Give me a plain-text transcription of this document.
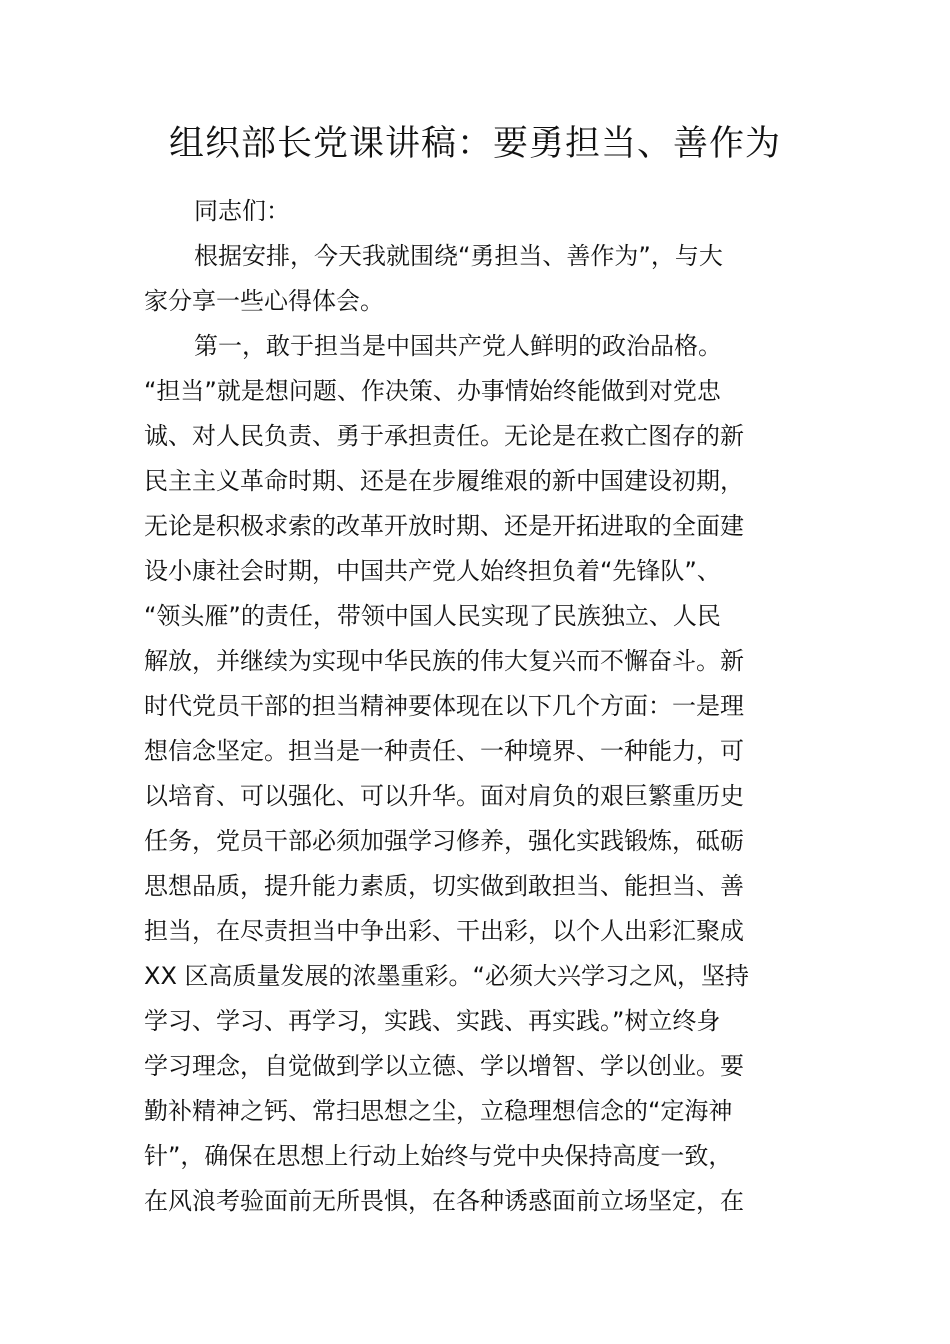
组织部长党课讲稿：要勇担当、善作为
同志们：
根据安排，今天我就围绕“勇担当、善作为”，与大
家分享一些心得体会。
第一，敢于担当是中国共产党人鲜明的政治品格。
“担当”就是想问题、作决策、办事情始终能做到对党忠
诚、对人民负责、勇于承担责任。无论是在救亡图存的新
民主主义革命时期、还是在步履维艰的新中国建设初期，
无论是积极求索的改革开放时期、还是开拓进取的全面建
设小康社会时期，中国共产党人始终担负着“先锋队”、
“领头雁”的责任，带领中国人民实现了民族独立、人民
解放，并继续为实现中华民族的伟大复兴而不懈奋斗。新
时代党员干部的担当精神要体现在以下几个方面：一是理
想信念坚定。担当是一种责任、一种境界、一种能力，可
以培育、可以强化、可以升华。面对肩负的艰巨繁重历史
任务，党员干部必须加强学习修养，强化实践锻炼，砥砺
思想品质，提升能力素质，切实做到敢担当、能担当、善
担当，在尽责担当中争出彩、干出彩，以个人出彩汇聚成
XX 区高质量发展的浓墨重彩。“必须大兴学习之风，坚持
学习、学习、再学习，实践、实践、再实践。”树立终身
学习理念，自觉做到学以立德、学以增智、学以创业。要
勤补精神之钙、常扫思想之尘，立稳理想信念的“定海神
针”，确保在思想上行动上始终与党中央保持高度一致，
在风浪考验面前无所畏惧，在各种诱惑面前立场坚定，在
